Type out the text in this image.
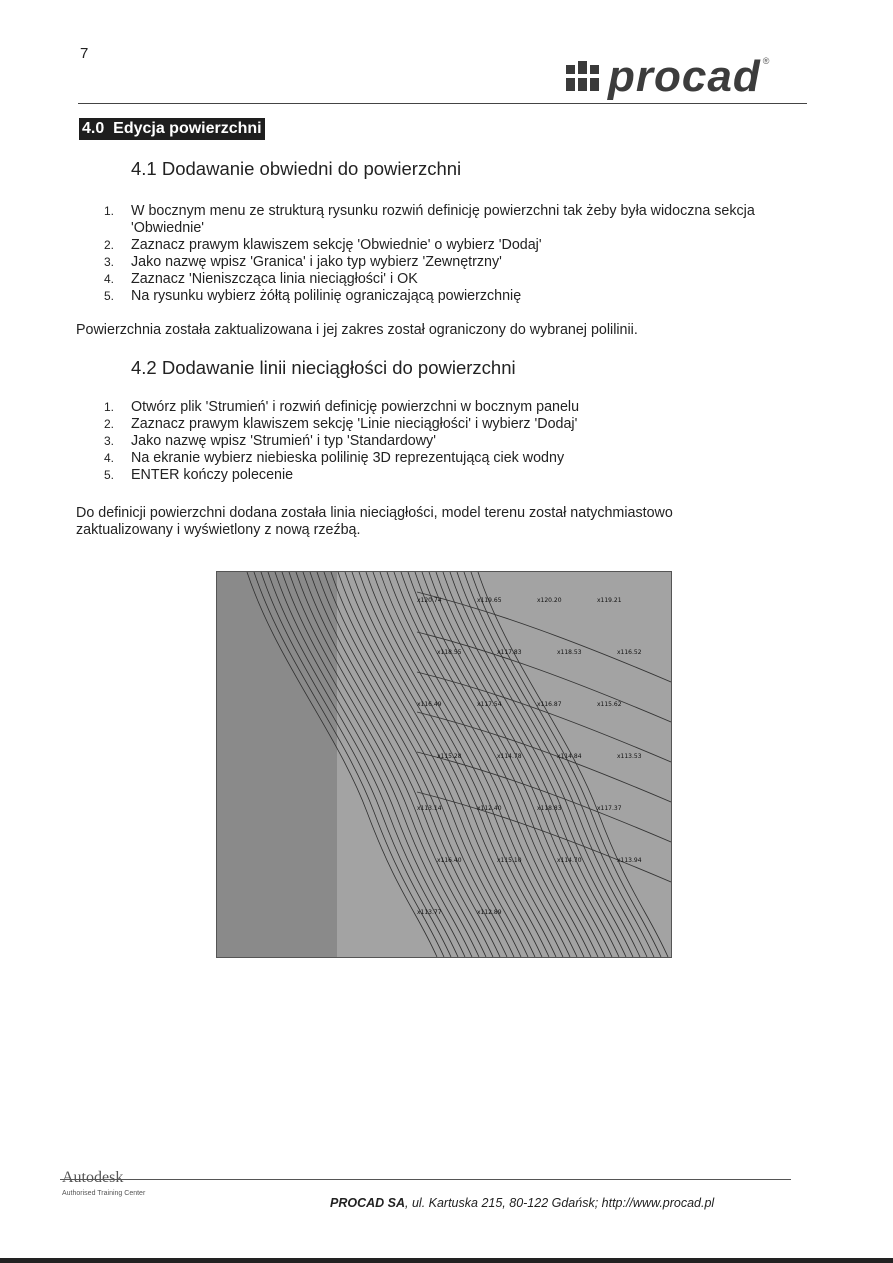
7	procad ®
4.0 Edycja powierzchni
4.1 Dodawanie obwiedni do powierzchni
1. W bocznym menu ze strukturą rysunku rozwiń definicję powierzchni tak żeby była widoczna sekcja
'Obwiednie'
2. Zaznacz prawym klawiszem sekcję 'Obwiednie' o wybierz 'Dodaj'
3. Jako nazwę wpisz 'Granica' i jako typ wybierz 'Zewnętrzny'
4. Zaznacz 'Nieniszcząca linia nieciągłości' i OK
5. Na rysunku wybierz żółtą polilinię ograniczającą powierzchnię
Powierzchnia została zaktualizowana i jej zakres został ograniczony do wybranej polilinii.
4.2 Dodawanie linii nieciągłości do powierzchni
1. Otwórz plik 'Strumień' i rozwiń definicję powierzchni w bocznym panelu
2. Zaznacz prawym klawiszem sekcję 'Linie nieciągłości' i wybierz 'Dodaj'
3. Jako nazwę wpisz 'Strumień' i typ 'Standardowy'
4. Na ekranie wybierz niebieska polilinię 3D reprezentującą ciek wodny
5. ENTER kończy polecenie
Do definicji powierzchni dodana została linia nieciągłości, model terenu został natychmiastowo
zaktualizowany i wyświetlony z nową rzeźbą.
x120.74	x119.65	x120.20	x119.21
x118.55	x117.83	x118.53	x116.52
x116.49	x117.54	x116.87	x115.62
x115.28	x114.78	x114.84	x113.53
x113.14	x112.40	x118.83	x117.37
x116.40	x115.10	x114.70	x113.94
x113.77	x112.89
Autodesk
Authorised Training Center
PROCAD SA, ul. Kartuska 215, 80-122 Gdańsk; http://www.procad.pl
